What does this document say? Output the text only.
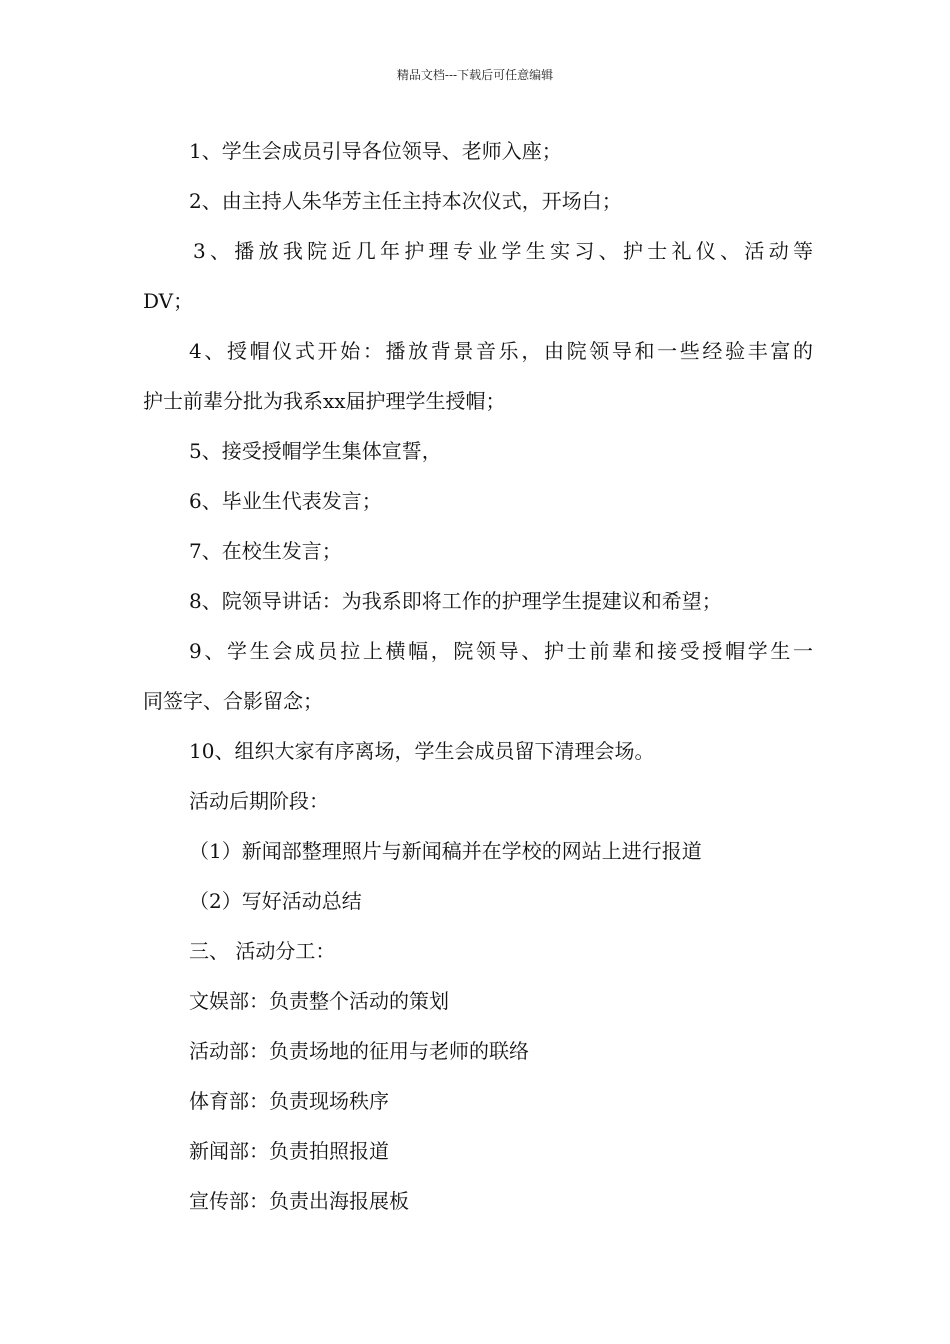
精品文档---下载后可任意编辑
1、学生会成员引导各位领导、老师入座；
2、由主持人朱华芳主任主持本次仪式，开场白；
3、播放我院近几年护理专业学生实习、护士礼仪、活动等
DV；
4、授帽仪式开始：播放背景音乐，由院领导和一些经验丰富的
护士前辈分批为我系xx届护理学生授帽；
5、接受授帽学生集体宣誓，
6、毕业生代表发言；
7、在校生发言；
8、院领导讲话：为我系即将工作的护理学生提建议和希望；
9、学生会成员拉上横幅，院领导、护士前辈和接受授帽学生一
同签字、合影留念；
10、组织大家有序离场，学生会成员留下清理会场。
活动后期阶段：
（1）新闻部整理照片与新闻稿并在学校的网站上进行报道
（2）写好活动总结
三、 活动分工：
文娱部：负责整个活动的策划
活动部：负责场地的征用与老师的联络
体育部：负责现场秩序
新闻部：负责拍照报道
宣传部：负责出海报展板
